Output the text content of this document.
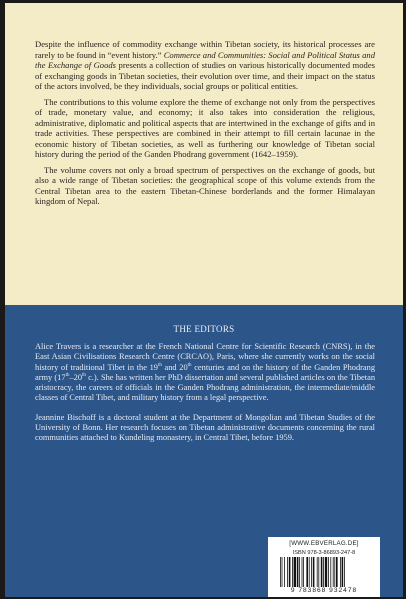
Despite the influence of commodity exchange within Tibetan society, its historical processes are rarely to be found in “event history.” Commerce and Communities: Social and Political Status and the Exchange of Goods presents a collection of studies on various historically documented modes of exchanging goods in Tibetan societies, their evolution over time, and their impact on the status of the actors involved, be they individuals, social groups or political entities.

The contributions to this volume explore the theme of exchange not only from the perspectives of trade, monetary value, and economy; it also takes into consideration the religious, administrative, diplomatic and political aspects that are intertwined in the exchange of gifts and in trade activities. These perspectives are combined in their attempt to fill certain lacunae in the economic history of Tibetan societies, as well as furthering our knowledge of Tibetan social history during the period of the Ganden Phodrang government (1642–1959).

The volume covers not only a broad spectrum of perspectives on the exchange of goods, but also a wide range of Tibetan societies: the geographical scope of this volume extends from the Central Tibetan area to the eastern Tibetan-Chinese borderlands and the former Himalayan kingdom of Nepal.

THE EDITORS

Alice Travers is a researcher at the French National Centre for Scientific Research (CNRS), in the East Asian Civilisations Research Centre (CRCAO), Paris, where she currently works on the social history of traditional Tibet in the 19th and 20th centuries and on the history of the Ganden Phodrang army (17th–20th c.). She has written her PhD dissertation and several published articles on the Tibetan aristocracy, the careers of officials in the Ganden Phodrang administration, the intermediate/middle classes of Central Tibet, and military history from a legal perspective.

Jeannine Bischoff is a doctoral student at the Department of Mongolian and Tibetan Studies of the University of Bonn. Her research focuses on Tibetan administrative documents concerning the rural communities attached to Kundeling monastery, in Central Tibet, before 1959.

[WWW.EBVERLAG.DE]
ISBN 978-3-86893-247-8
9 783868 932478
